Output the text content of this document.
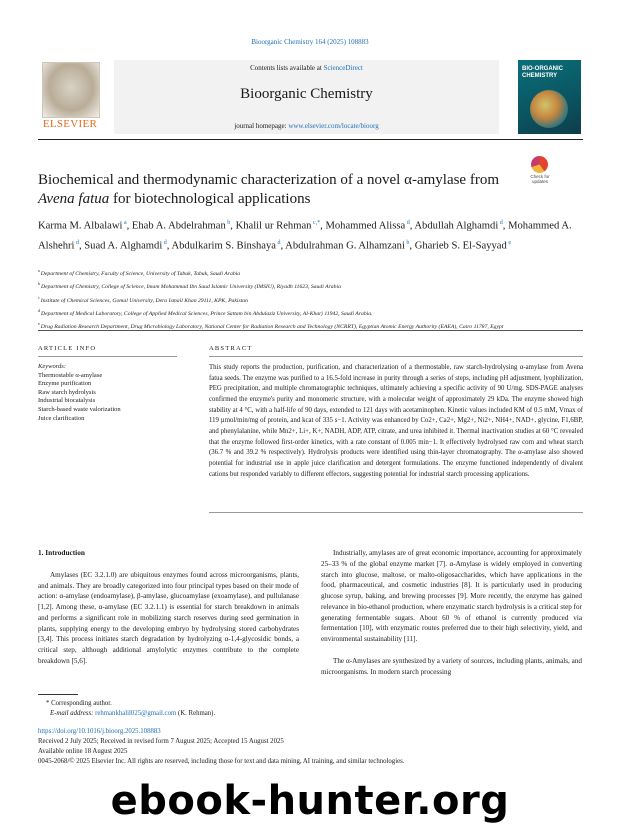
Bioorganic Chemistry 164 (2025) 108883
ELSEVIER
Contents lists available at ScienceDirect
Bioorganic Chemistry
journal homepage: www.elsevier.com/locate/bioorg
BIO-ORGANIC CHEMISTRY
Biochemical and thermodynamic characterization of a novel α-amylase from Avena fatua for biotechnological applications
Check for updates
Karma M. Albalawi $^a$, Ehab A. Abdelrahman $^b$, Khalil ur Rehman $^{c,*}$, Mohammed Alissa $^d$, Abdullah Alghamdi $^d$, Mohammed A. Alshehri $^d$, Suad A. Alghamdi $^d$, Abdulkarim S. Binshaya $^d$, Abdulrahman G. Alhamzani $^b$, Gharieb S. El-Sayyad $^e$
$^a$ Department of Chemistry, Faculty of Science, University of Tabuk, Tabuk, Saudi Arabia
$^b$ Department of Chemistry, College of Science, Imam Mohammad Ibn Saud Islamic University (IMSIU), Riyadh 11623, Saudi Arabia
$^c$ Institute of Chemical Sciences, Gomal University, Dera Ismail Khan 29111, KPK, Pakistan
$^d$ Department of Medical Laboratory, College of Applied Medical Sciences, Prince Sattam bin Abdulaziz University, Al-Kharj 11942, Saudi Arabia.
$^e$ Drug Radiation Research Department, Drug Microbiology Laboratory, National Center for Radiation Research and Technology (NCRRT), Egyptian Atomic Energy Authority (EAEA), Cairo 11787, Egypt
ARTICLE INFO	ABSTRACT
Keywords:
Thermostable α-amylase
Enzyme purification
Raw starch hydrolysis
Industrial biocatalysis
Starch-based waste valorization
Juice clarification
This study reports the production, purification, and characterization of a thermostable, raw starch-hydrolysing α-amylase from Avena fatua seeds. The enzyme was purified to a 16.5-fold increase in purity through a series of steps, including pH adjustment, lyophilization, PEG precipitation, and multiple chromatographic techniques, ultimately achieving a specific activity of 90 U/mg. SDS-PAGE analyses confirmed the enzyme's purity and monomeric structure, with a molecular weight of approximately 29 kDa. The enzyme showed high stability at 4 °C, with a half-life of 90 days, extended to 121 days with acetaminophen. Kinetic values included KM of 0.5 mM, Vmax of 119 µmol/min/mg of protein, and kcat of 335 s−1. Activity was enhanced by Co2+, Ca2+, Mg2+, Ni2+, NH4+, NAD+, glycine, F1,6BP, and phenylalanine, while Mn2+, Li+, K+, NADH, ADP, ATP, citrate, and urea inhibited it. Thermal inactivation studies at 60 °C revealed that the enzyme followed first-order kinetics, with a rate constant of 0.005 min−1. It effectively hydrolysed raw corn and wheat starch (36.7 % and 39.2 % respectively). Hydrolysis products were identified using thin-layer chromatography. The α-amylase also showed potential for industrial use in apple juice clarification and detergent formulations. The enzyme functioned independently of divalent cations but responded variably to different effectors, suggesting potential for industrial starch processing applications.
1. Introduction

Amylases (EC 3.2.1.0) are ubiquitous enzymes found across microorganisms, plants, and animals. They are broadly categorized into four principal types based on their mode of action: α-amylase (endoamylase), β-amylase, glucoamylase (exoamylase), and pullulanase [1,2]. Among these, α-amylase (EC 3.2.1.1) is essential for starch breakdown in animals and performs a significant role in mobilizing starch reserves during seed germination in plants, supplying energy to the developing embryo by hydrolysing stored carbohydrates [3,4]. This process initiates starch degradation by hydrolyzing α-1,4-glycosidic bonds, a critical step, although additional amylolytic enzymes contribute to the complete breakdown [5,6].

Industrially, amylases are of great economic importance, accounting for approximately 25–33 % of the global enzyme market [7]. α-Amylase is widely employed in converting starch into glucose, maltose, or malto-oligosaccharides, which have applications in the food, pharmaceutical, and cosmetic industries [8]. It is particularly used in producing glucose syrup, baking, and brewing processes [9]. More recently, the enzyme has gained relevance in bio-ethanol production, where enzymatic starch hydrolysis is a critical step for generating fermentable sugars. About 60 % of ethanol is currently produced via fermentation [10], with enzymatic routes preferred due to their high selectivity, yield, and environmental sustainability [11].

The α-Amylases are synthesized by a variety of sources, including plants, animals, and microorganisms. In modern starch processing

* Corresponding author.
E-mail address: rehmankhalil025@gmail.com (K. Rehman).
https://doi.org/10.1016/j.bioorg.2025.108883
Received 2 July 2025; Received in revised form 7 August 2025; Accepted 15 August 2025
Available online 18 August 2025
0045-2068/© 2025 Elsevier Inc. All rights are reserved, including those for text and data mining, AI training, and similar technologies.
ebook-hunter.org
